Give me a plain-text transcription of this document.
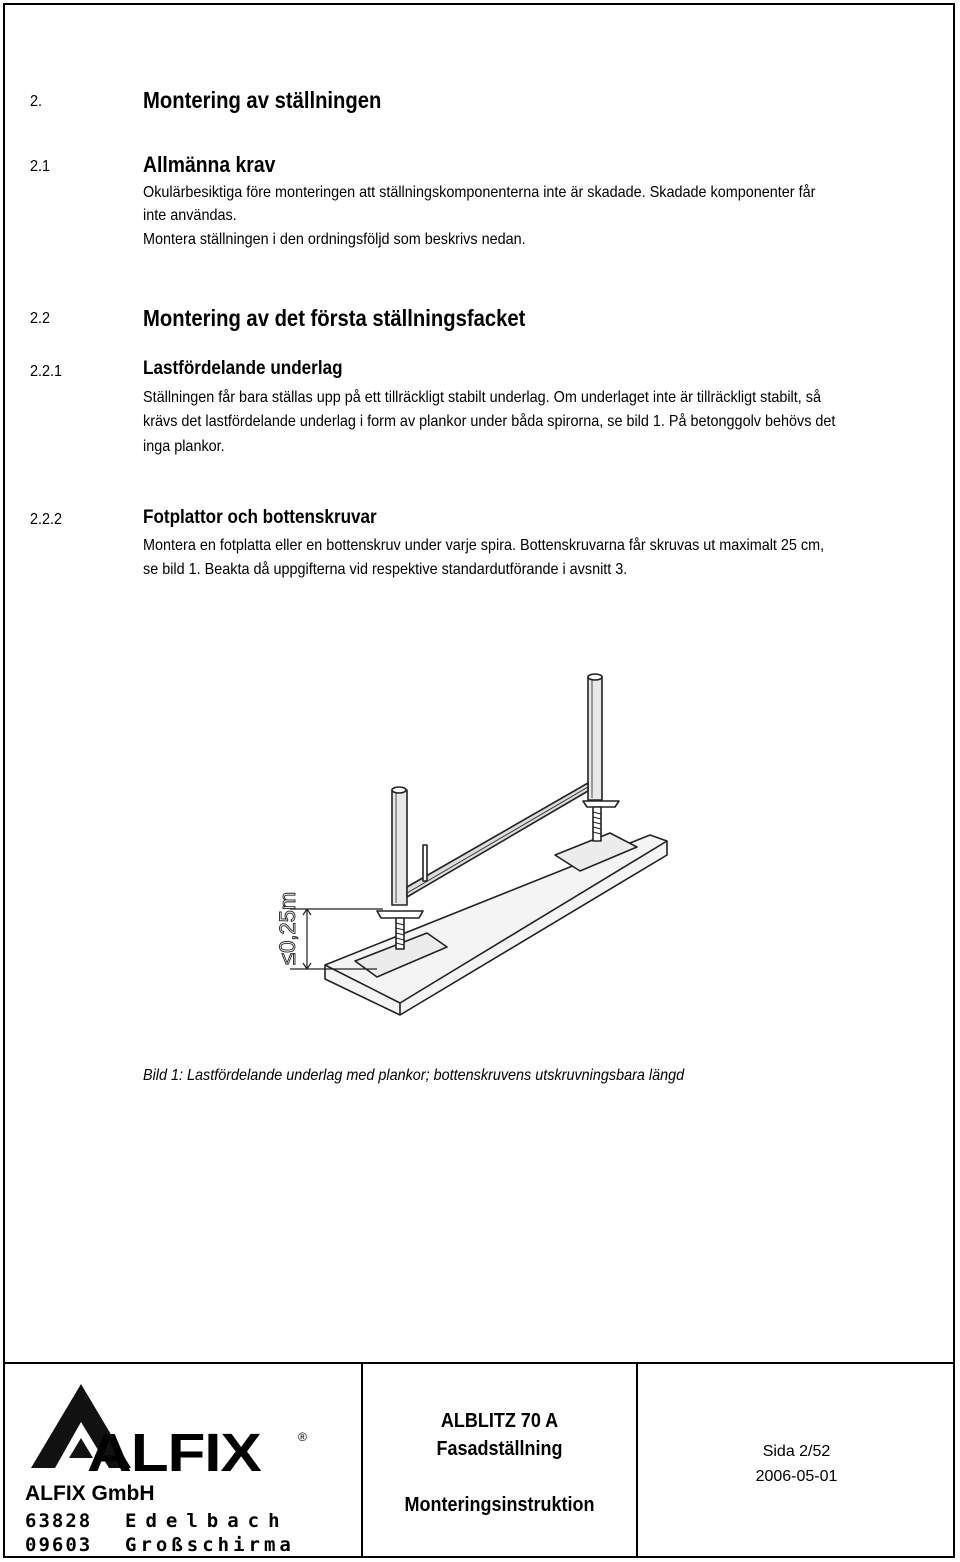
2.	Montering av ställningen
2.1	Allmänna krav
Okulärbesiktiga före monteringen att ställningskomponenterna inte är skadade. Skadade komponenter får
inte användas.
Montera ställningen i den ordningsföljd som beskrivs nedan.
2.2	Montering av det första ställningsfacket
2.2.1	Lastfördelande underlag
Ställningen får bara ställas upp på ett tillräckligt stabilt underlag. Om underlaget inte är tillräckligt stabilt, så
krävs det lastfördelande underlag i form av plankor under båda spirorna, se bild 1. På betonggolv behövs det
inga plankor.
2.2.2	Fotplattor och bottenskruvar
Montera en fotplatta eller en bottenskruv under varje spira. Bottenskruvarna får skruvas ut maximalt 25 cm,
se bild 1. Beakta då uppgifterna vid respektive standardutförande i avsnitt 3.
≤0,25m
Bild 1: Lastfördelande underlag med plankor; bottenskruvens utskruvningsbara längd
ALFIX	®
ALFIX GmbH
63828 Edelbach
09603 Großschirma
ALBLITZ 70 A
Fasadställning
Monteringsinstruktion
Sida 2/52
2006-05-01
